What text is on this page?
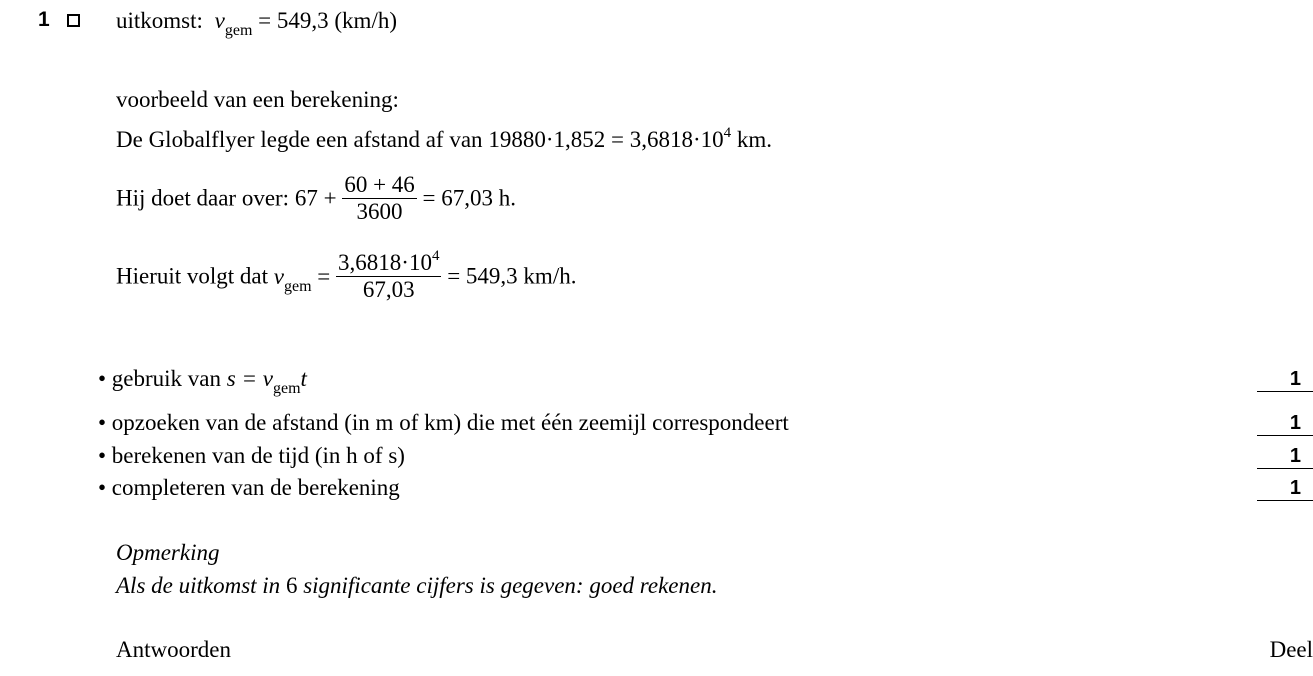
1	uitkomst: $v_{gem} = 549,3$ (km/h)
voorbeeld van een berekening:
De Globalflyer legde een afstand af van $19880\cdot 1,852 = 3,6818\cdot 10^4$ km.
Hij doet daar over: $67 + \frac{60 + 46}{3600} = 67,03$ h.
Hieruit volgt dat $v_{gem} = \frac{3,6818\cdot 10^4}{67,03} = 549,3$ km/h.
• gebruik van $s = v_{gem}t$	1
• opzoeken van de afstand (in m of km) die met één zeemijl correspondeert	1
• berekenen van de tijd (in h of s)	1
• completeren van de berekening	1
Opmerking
Als de uitkomst in 6 significante cijfers is gegeven: goed rekenen.
Antwoorden	Deel
